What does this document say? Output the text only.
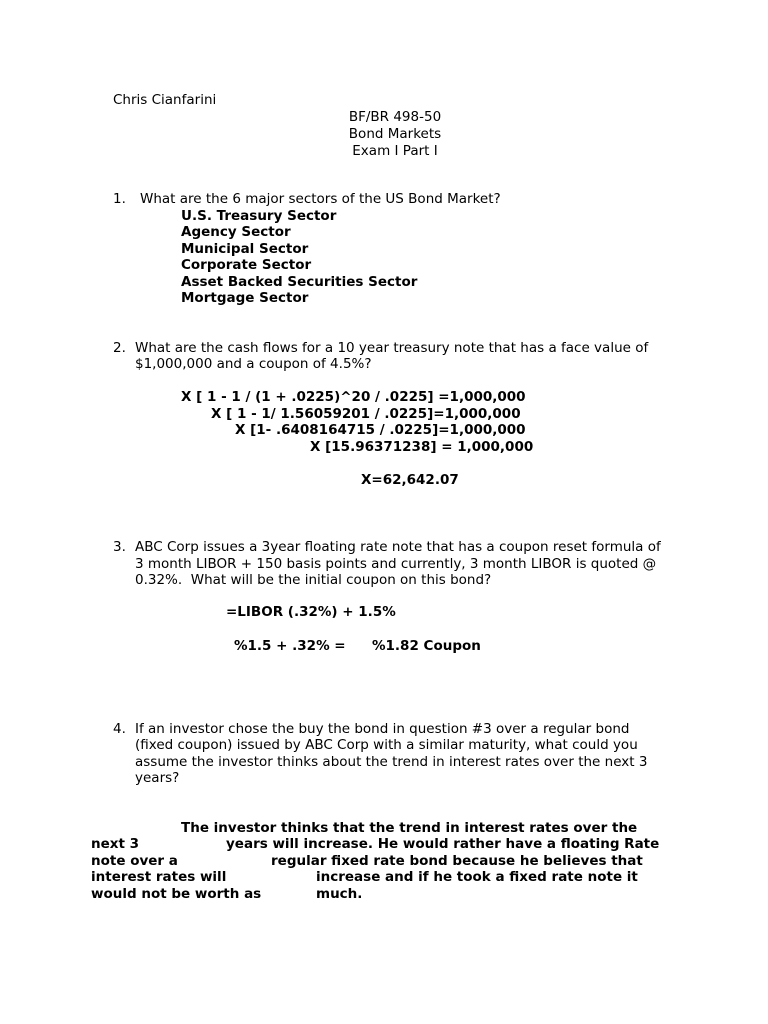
Chris Cianfarini
BF/BR 498-50
Bond Markets
Exam I Part I
1. What are the 6 major sectors of the US Bond Market?
U.S. Treasury Sector
Agency Sector
Municipal Sector
Corporate Sector
Asset Backed Securities Sector
Mortgage Sector
2. What are the cash flows for a 10 year treasury note that has a face value of
$1,000,000 and a coupon of 4.5%?
X [ 1 - 1 / (1 + .0225)^20 / .0225] =1,000,000
X [ 1 - 1/ 1.56059201 / .0225]=1,000,000
X [1- .6408164715 / .0225]=1,000,000
X [15.96371238] = 1,000,000
X=62,642.07
3. ABC Corp issues a 3year floating rate note that has a coupon reset formula of
3 month LIBOR + 150 basis points and currently, 3 month LIBOR is quoted @
0.32%.  What will be the initial coupon on this bond?
=LIBOR (.32%) + 1.5%
%1.5 + .32% = %1.82 Coupon
4. If an investor chose the buy the bond in question #3 over a regular bond
(fixed coupon) issued by ABC Corp with a similar maturity, what could you
assume the investor thinks about the trend in interest rates over the next 3
years?
The investor thinks that the trend in interest rates over the
next 3	years will increase. He would rather have a floating Rate
note over a	regular fixed rate bond because he believes that
interest rates will	increase and if he took a fixed rate note it
would not be worth as	much.
